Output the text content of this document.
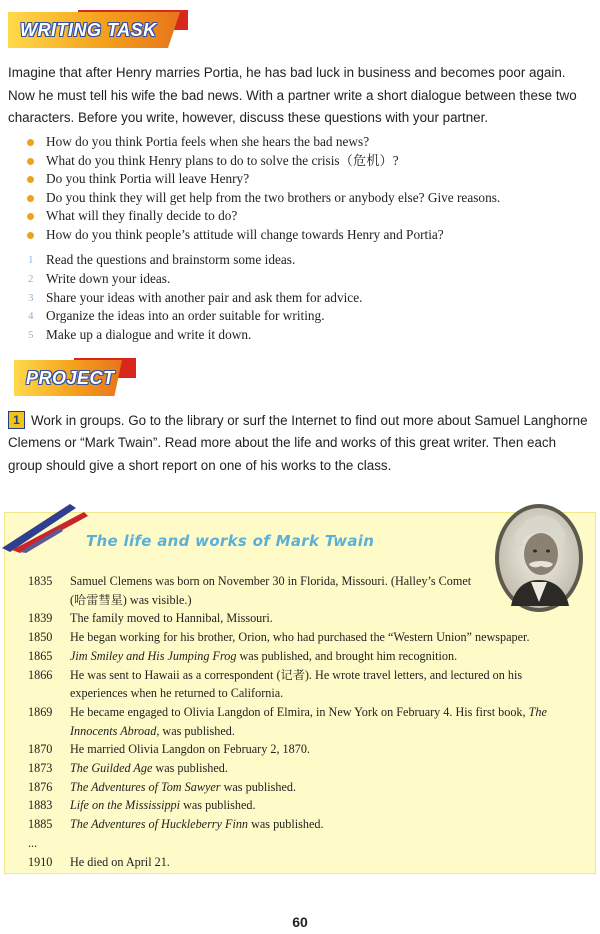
WRITING TASK

Imagine that after Henry marries Portia, he has bad luck in business and becomes poor again. Now he must tell his wife the bad news. With a partner write a short dialogue between these two characters. Before you write, however, discuss these questions with your partner.

How do you think Portia feels when she hears the bad news?
What do you think Henry plans to do to solve the crisis（危机）?
Do you think Portia will leave Henry?
Do you think they will get help from the two brothers or anybody else? Give reasons.
What will they finally decide to do?
How do you think people’s attitude will change towards Henry and Portia?
1 Read the questions and brainstorm some ideas.
2 Write down your ideas.
3 Share your ideas with another pair and ask them for advice.
4 Organize the ideas into an order suitable for writing.
5 Make up a dialogue and write it down.
PROJECT
1 Work in groups. Go to the library or surf the Internet to find out more about Samuel Langhorne Clemens or “Mark Twain”. Read more about the life and works of this great writer. Then each group should give a short report on one of his works to the class.
The life and works of Mark Twain
1835	Samuel Clemens was born on November 30 in Florida, Missouri. (Halley’s Comet
(哈雷彗星) was visible.)
1839	The family moved to Hannibal, Missouri.
1850	He began working for his brother, Orion, who had purchased the “Western Union” newspaper.
1865	Jim Smiley and His Jumping Frog was published, and brought him recognition.
1866	He was sent to Hawaii as a correspondent (记者). He wrote travel letters, and lectured on his
experiences when he returned to California.
1869	He became engaged to Olivia Langdon of Elmira, in New York on February 4. His first book, The
Innocents Abroad, was published.
1870	He married Olivia Langdon on February 2, 1870.
1873	The Guilded Age was published.
1876	The Adventures of Tom Sawyer was published.
1883	Life on the Mississippi was published.
1885	The Adventures of Huckleberry Finn was published.
...
1910	He died on April 21.
60
